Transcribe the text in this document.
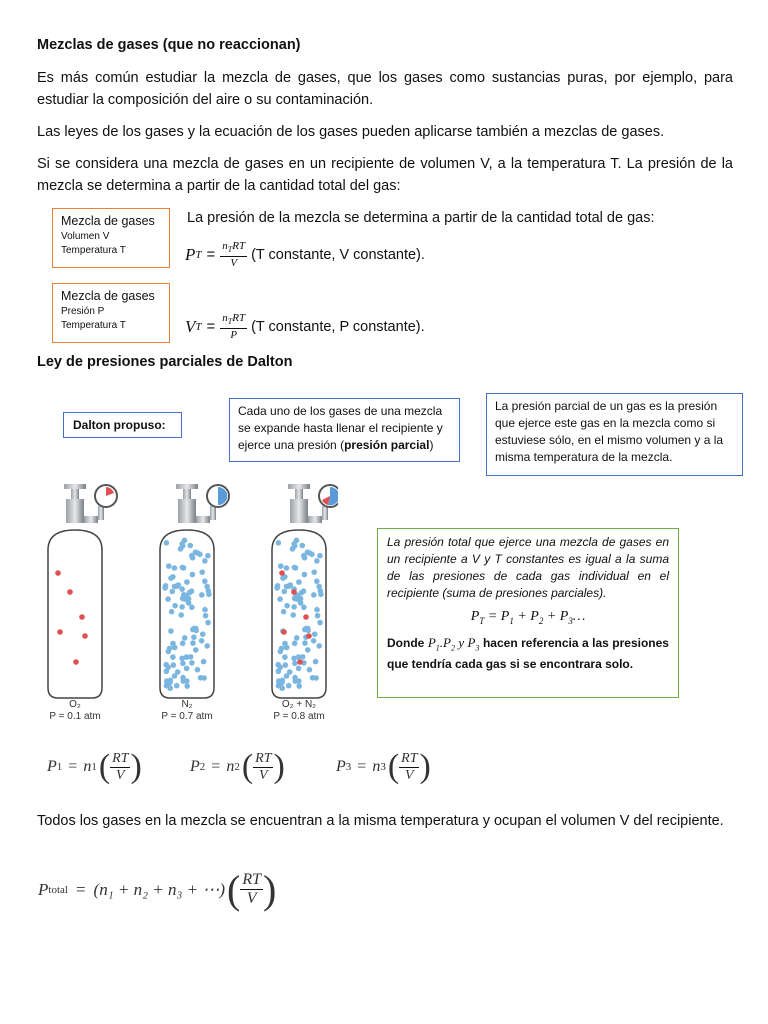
Mezclas de gases (que no reaccionan)
Es más común estudiar la mezcla de gases, que los gases como sustancias puras, por ejemplo, para estudiar la composición del aire o su contaminación.
Las leyes de los gases y la ecuación de los gases pueden aplicarse también a mezclas de gases.
Si se considera una mezcla de gases en un recipiente de volumen V, a la temperatura T. La presión de la mezcla se determina a partir de la cantidad total del gas:
Mezcla de gases
Volumen V
Temperatura T
Mezcla de gases
Presión P
Temperatura T
La presión de la mezcla se determina a partir de la cantidad total de gas:
P $T = \frac{n_TRT}{V} (T$ constante, V constante).
V $T = \frac{n_TRT}{P} (T$ constante, P constante).
Ley de presiones parciales de Dalton
Dalton propuso:
Cada uno de los gases de una mezcla se expande hasta llenar el recipiente y ejerce una presión (presión parcial)
La presión parcial de un gas es la presión que ejerce este gas en la mezcla como si estuviese sólo, en el mismo volumen y a la misma temperatura de la mezcla.
O₂
P = 0.1 atm
N₂
P = 0.7 atm
O₂ + N₂
P = 0.8 atm
La presión total que ejerce una mezcla de gases en un recipiente a V y T constantes es igual a la suma de las presiones de cada gas individual en el recipiente (suma de presiones parciales).
$P_T = P_1 + P_2$ + $P_3\dots$
Donde $P_1.P_2$ y $P_3$ hacen referencia a las presiones que tendría cada gas si se encontrara solo.
P 1 = n 1 ( $\frac{RT}{V}$ )	P 2 = n 2 ( $\frac{RT}{V}$ )	P 3 = n 3 ( $\frac{RT}{V}$ )
Todos los gases en la mezcla se encuentran a la misma temperatura y ocupan el volumen V del recipiente.
P total = (n₁ + n₂ + n₃ + ⋯) ( $\frac{RT}{V}$ )
